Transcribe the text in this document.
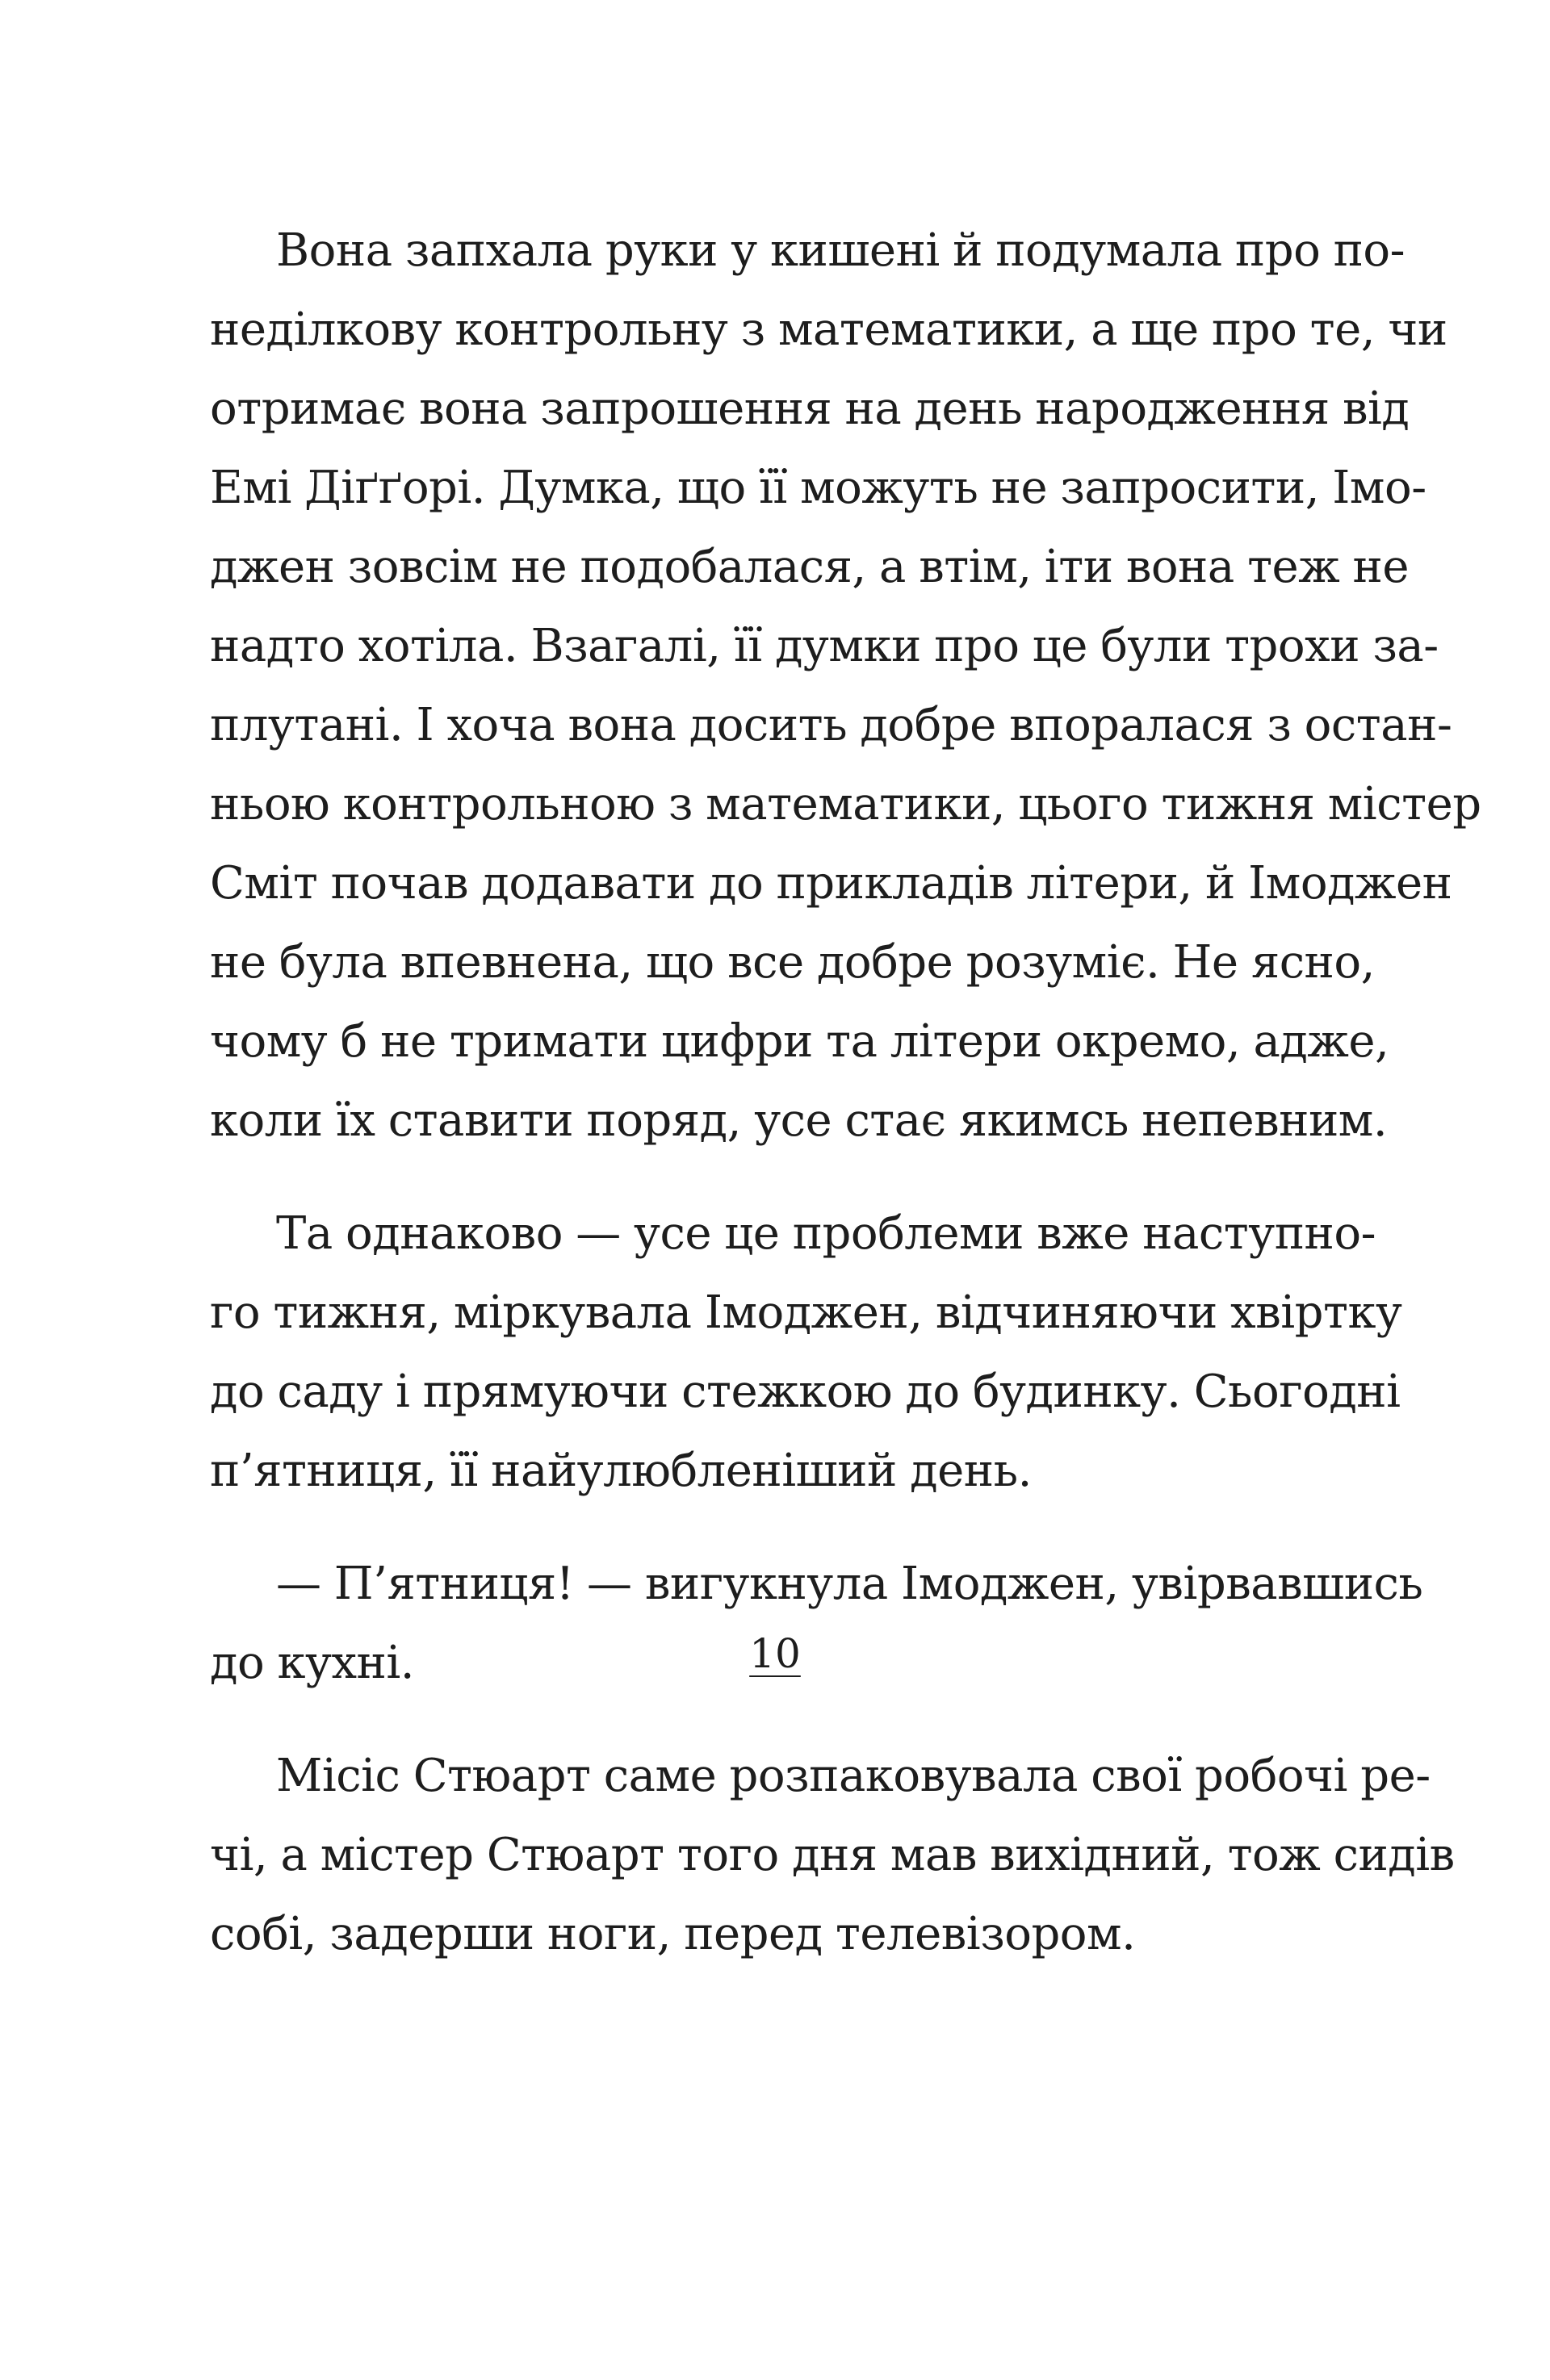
Вона запхала руки у кишені й подумала про по-
неділкову контрольну з математики, а ще про те, чи
отримає вона запрошення на день народження від
Емі Діґґорі. Думка, що її можуть не запросити, Імо-
джен зовсім не подобалася, а втім, іти вона теж не
надто хотіла. Взагалі, її думки про це були трохи за-
плутані. І хоча вона досить добре впоралася з остан-
ньою контрольною з математики, цього тижня містер
Сміт почав додавати до прикладів літери, й Імоджен
не була впевнена, що все добре розуміє. Не ясно,
чому б не тримати цифри та літери окремо, адже,
коли їх ставити поряд, усе стає якимсь непевним.
Та однаково — усе це проблеми вже наступно-
го тижня, міркувала Імоджен, відчиняючи хвіртку
до саду і прямуючи стежкою до будинку. Сьогодні
п’ятниця, її найулюбленіший день.
— П’ятниця! — вигукнула Імоджен, увірвавшись
до кухні.
Місіс Стюарт саме розпаковувала свої робочі ре-
чі, а містер Стюарт того дня мав вихідний, тож сидів
собі, задерши ноги, перед телевізором.
10
